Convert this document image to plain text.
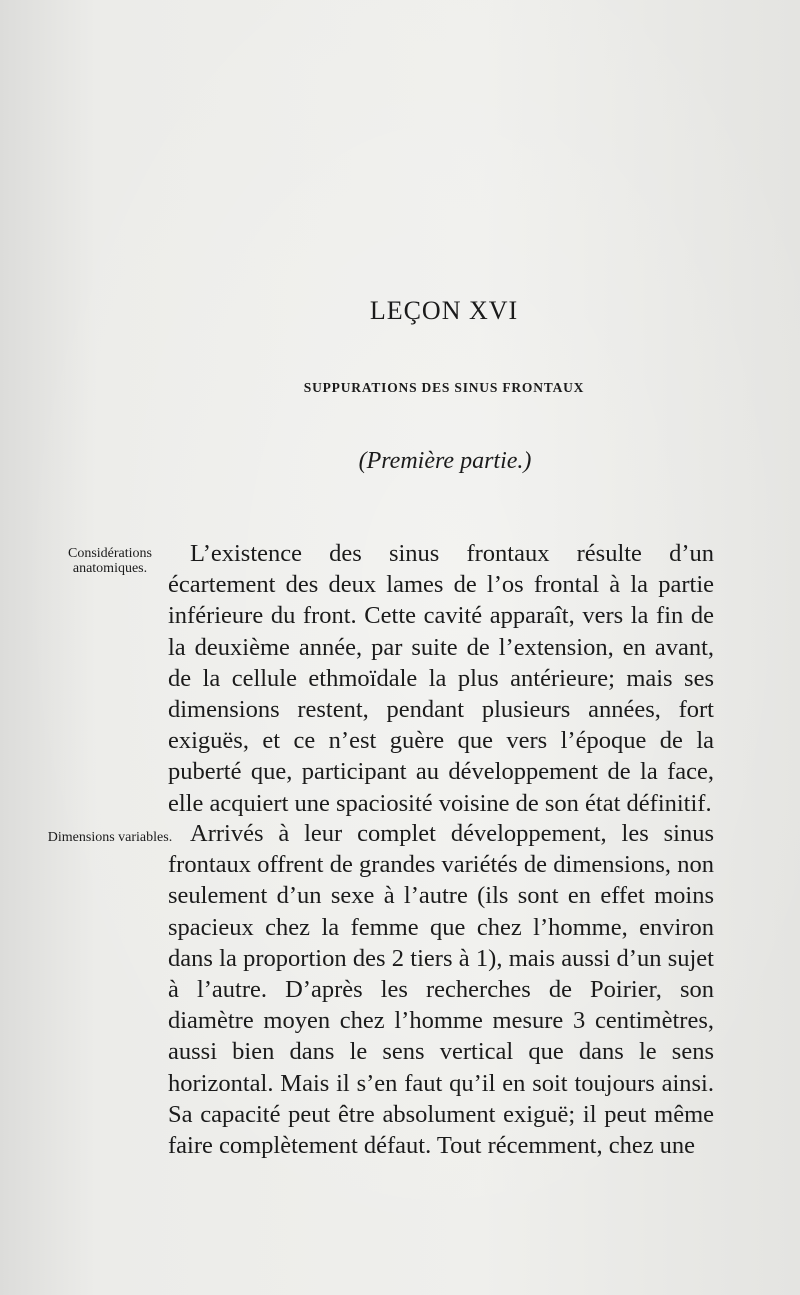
LEÇON XVI
SUPPURATIONS DES SINUS FRONTAUX
(Première partie.)
Considérations anatomiques.
Dimensions variables.
L’existence des sinus frontaux résulte d’un écartement des deux lames de l’os frontal à la partie inférieure du front. Cette cavité apparaît, vers la fin de la deuxième année, par suite de l’extension, en avant, de la cellule ethmoïdale la plus antérieure; mais ses dimensions restent, pendant plusieurs années, fort exiguës, et ce n’est guère que vers l’époque de la puberté que, participant au développement de la face, elle acquiert une spaciosité voisine de son état définitif.
Arrivés à leur complet développement, les sinus frontaux offrent de grandes variétés de dimensions, non seulement d’un sexe à l’autre (ils sont en effet moins spacieux chez la femme que chez l’homme, environ dans la proportion des 2 tiers à 1), mais aussi d’un sujet à l’autre. D’après les recherches de Poirier, son diamètre moyen chez l’homme mesure 3 centimètres, aussi bien dans le sens vertical que dans le sens horizontal. Mais il s’en faut qu’il en soit toujours ainsi. Sa capacité peut être absolument exiguë; il peut même faire complètement défaut. Tout récemment, chez une
